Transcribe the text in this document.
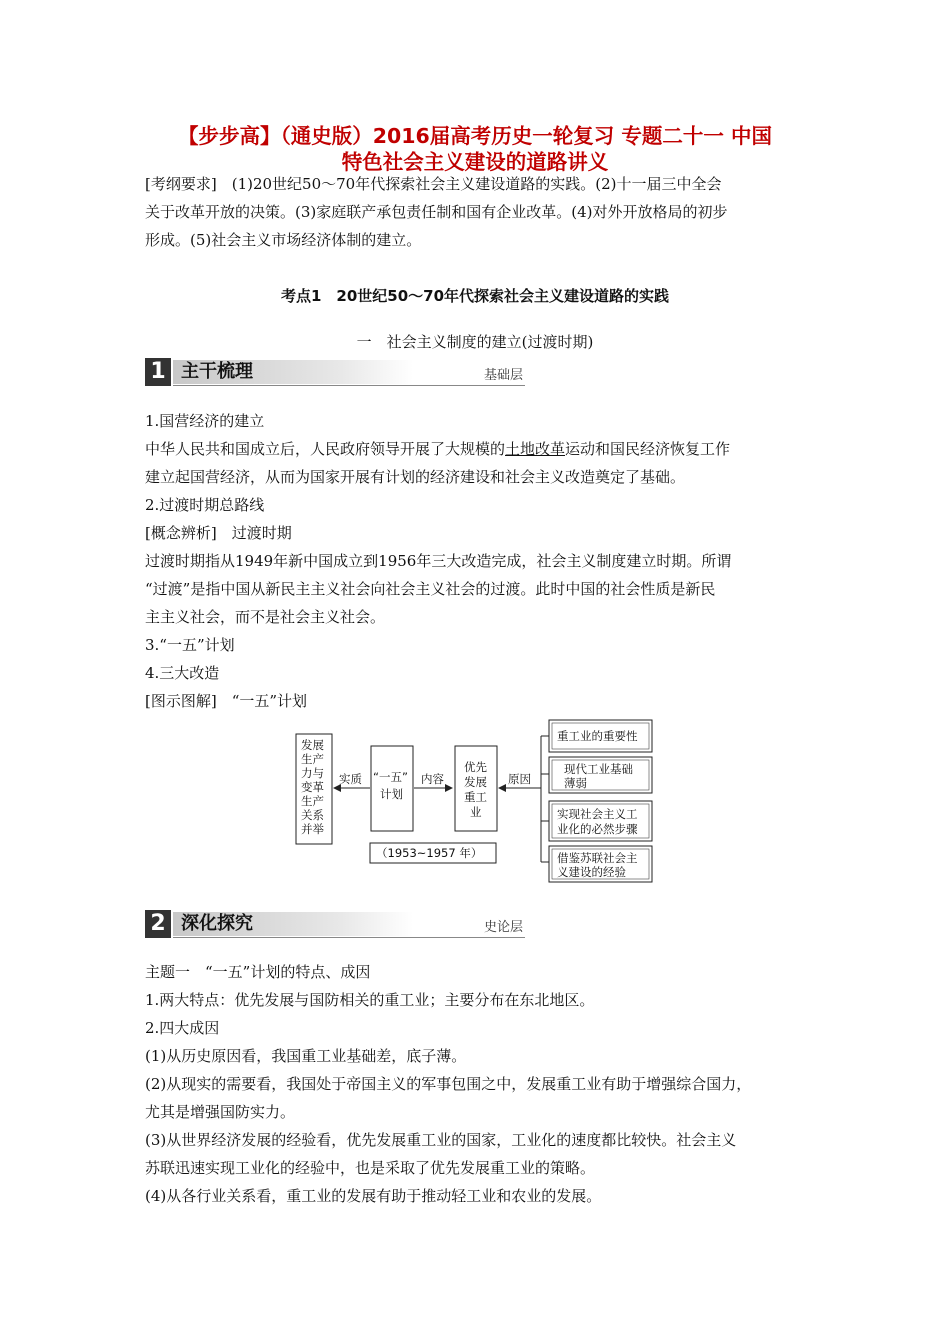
【步步高】（通史版）2016届高考历史一轮复习 专题二十一 中国
特色社会主义建设的道路讲义
[考纲要求]　(1)20世纪50～70年代探索社会主义建设道路的实践。(2)十一届三中全会
关于改革开放的决策。(3)家庭联产承包责任制和国有企业改革。(4)对外开放格局的初步
形成。(5)社会主义市场经济体制的建立。
考点1　20世纪50～70年代探索社会主义建设道路的实践
一　社会主义制度的建立(过渡时期)
1 主干梳理	基础层
1.国营经济的建立
中华人民共和国成立后，人民政府领导开展了大规模的土地改革运动和国民经济恢复工作
建立起国营经济，从而为国家开展有计划的经济建设和社会主义改造奠定了基础。
2.过渡时期总路线
[概念辨析]　过渡时期
过渡时期指从1949年新中国成立到1956年三大改造完成，社会主义制度建立时期。所谓
“过渡”是指中国从新民主主义社会向社会主义社会的过渡。此时中国的社会性质是新民
主主义社会，而不是社会主义社会。
3.“一五”计划
4.三大改造
[图示图解]　“一五”计划
发展 生产 力与 变革 生产 关系 并举
实质 “一五” 计划
内容
优先 发展 重工 业
原因
重工业的重要性
现代工业基础 薄弱
实现社会主义工 业化的必然步骤
借鉴苏联社会主 义建设的经验
（1953~1957 年）
2 深化探究	史论层
主题一　“一五”计划的特点、成因
1.两大特点：优先发展与国防相关的重工业；主要分布在东北地区。
2.四大成因
(1)从历史原因看，我国重工业基础差，底子薄。
(2)从现实的需要看，我国处于帝国主义的军事包围之中，发展重工业有助于增强综合国力，
尤其是增强国防实力。
(3)从世界经济发展的经验看，优先发展重工业的国家，工业化的速度都比较快。社会主义
苏联迅速实现工业化的经验中，也是采取了优先发展重工业的策略。
(4)从各行业关系看，重工业的发展有助于推动轻工业和农业的发展。
